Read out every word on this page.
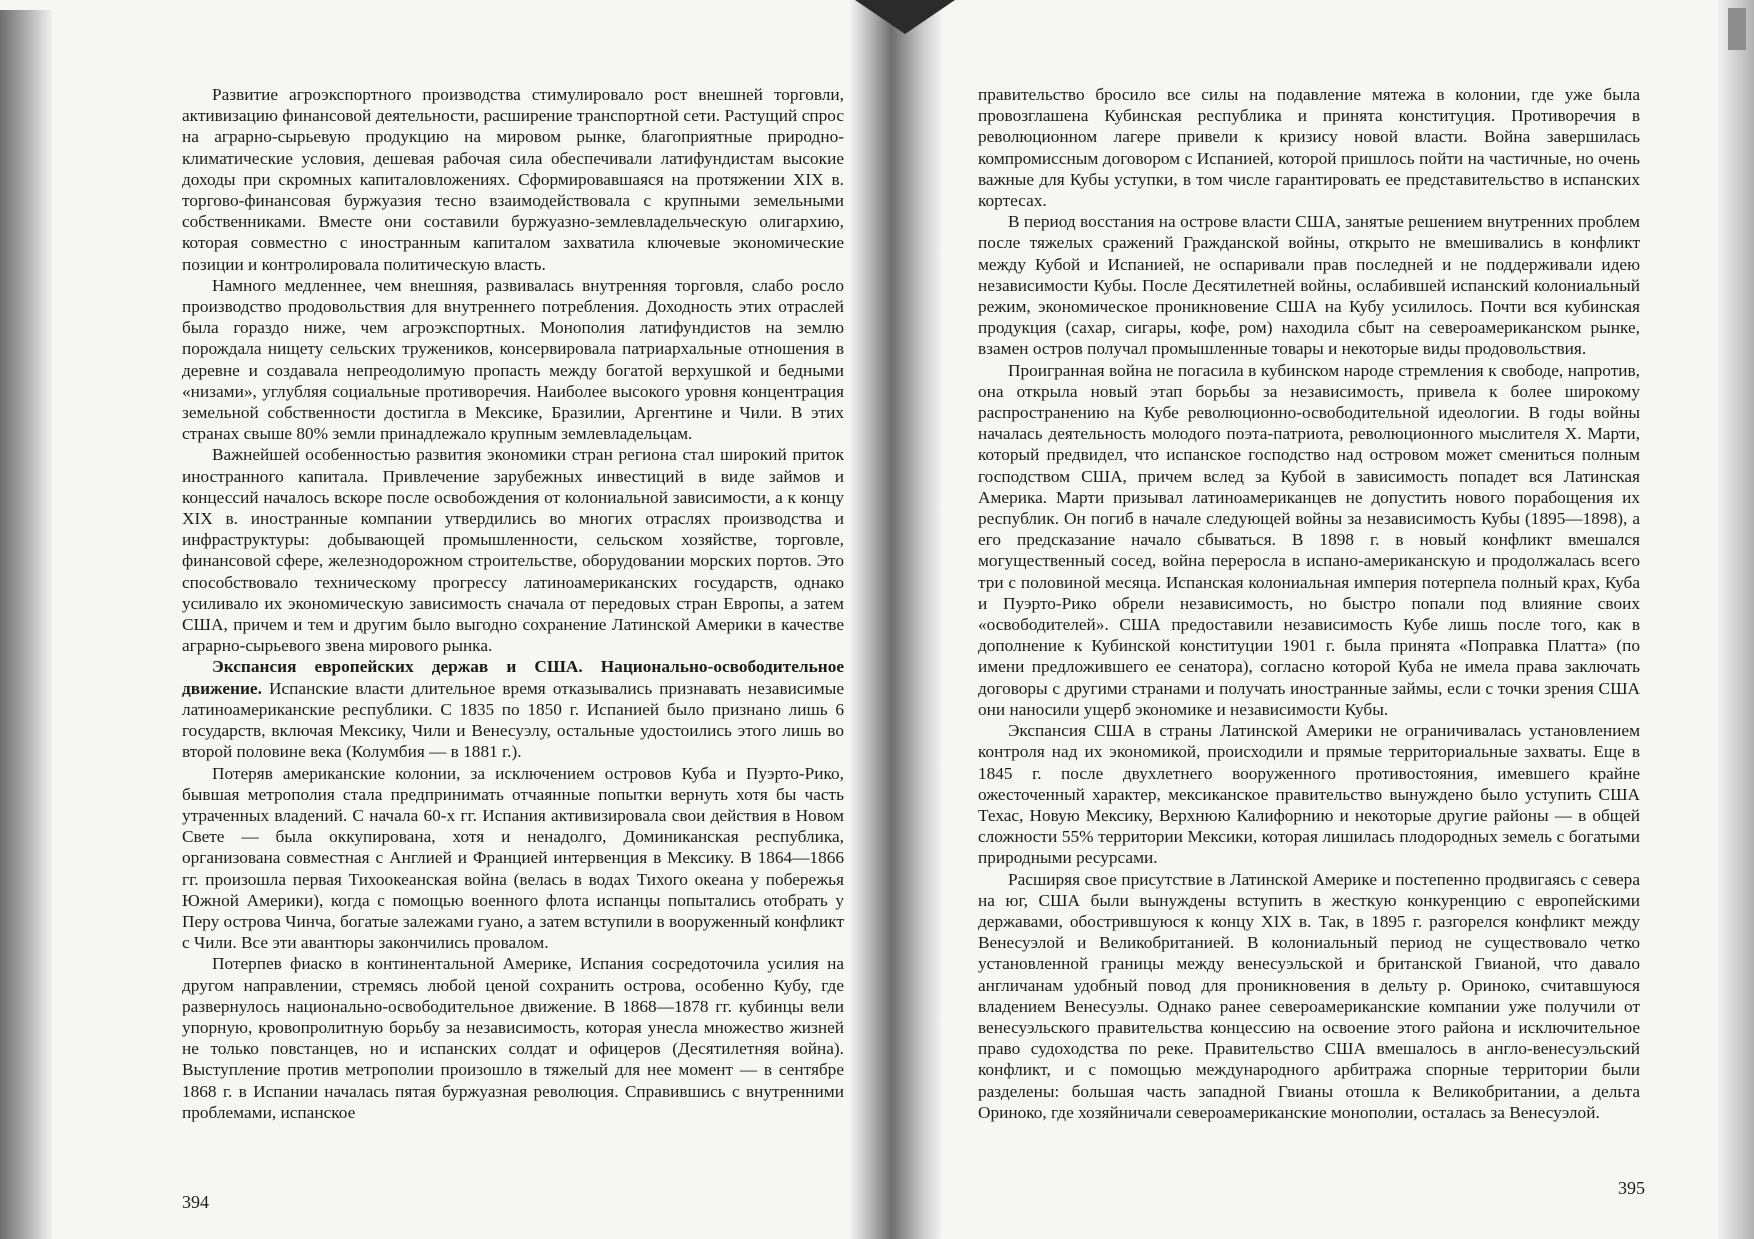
Развитие агроэкспортного производства стимулировало рост внешней торговли, активизацию финансовой деятельности, расширение транспортной сети. Растущий спрос на аграрно-сырьевую продукцию на мировом рынке, благоприятные природно-климатические условия, дешевая рабочая сила обеспечивали латифундистам высокие доходы при скромных капиталовложениях. Сформировавшаяся на протяжении XIX в. торгово-финансовая буржуазия тесно взаимодействовала с крупными земельными собственниками. Вместе они составили буржуазно-землевладельческую олигархию, которая совместно с иностранным капиталом захватила ключевые экономические позиции и контролировала политическую власть.

Намного медленнее, чем внешняя, развивалась внутренняя торговля, слабо росло производство продовольствия для внутреннего потребления. Доходность этих отраслей была гораздо ниже, чем агроэкспортных. Монополия латифундистов на землю порождала нищету сельских тружеников, консервировала патриархальные отношения в деревне и создавала непреодолимую пропасть между богатой верхушкой и бедными «низами», углубляя социальные противоречия. Наиболее высокого уровня концентрация земельной собственности достигла в Мексике, Бразилии, Аргентине и Чили. В этих странах свыше 80% земли принадлежало крупным землевладельцам.

Важнейшей особенностью развития экономики стран региона стал широкий приток иностранного капитала. Привлечение зарубежных инвестиций в виде займов и концессий началось вскоре после освобождения от колониальной зависимости, а к концу XIX в. иностранные компании утвердились во многих отраслях производства и инфраструктуры: добывающей промышленности, сельском хозяйстве, торговле, финансовой сфере, железнодорожном строительстве, оборудовании морских портов. Это способствовало техническому прогрессу латиноамериканских государств, однако усиливало их экономическую зависимость сначала от передовых стран Европы, а затем США, причем и тем и другим было выгодно сохранение Латинской Америки в качестве аграрно-сырьевого звена мирового рынка.

Экспансия европейских держав и США. Национально-освободительное движение. Испанские власти длительное время отказывались признавать независимые латиноамериканские республики. С 1835 по 1850 г. Испанией было признано лишь 6 государств, включая Мексику, Чили и Венесуэлу, остальные удостоились этого лишь во второй половине века (Колумбия — в 1881 г.).

Потеряв американские колонии, за исключением островов Куба и Пуэрто-Рико, бывшая метрополия стала предпринимать отчаянные попытки вернуть хотя бы часть утраченных владений. С начала 60-х гг. Испания активизировала свои действия в Новом Свете — была оккупирована, хотя и ненадолго, Доминиканская республика, организована совместная с Англией и Францией интервенция в Мексику. В 1864—1866 гг. произошла первая Тихоокеанская война (велась в водах Тихого океана у побережья Южной Америки), когда с помощью военного флота испанцы попытались отобрать у Перу острова Чинча, богатые залежами гуано, а затем вступили в вооруженный конфликт с Чили. Все эти авантюры закончились провалом.

Потерпев фиаско в континентальной Америке, Испания сосредоточила усилия на другом направлении, стремясь любой ценой сохранить острова, особенно Кубу, где развернулось национально-освободительное движение. В 1868—1878 гг. кубинцы вели упорную, кровопролитную борьбу за независимость, которая унесла множество жизней не только повстанцев, но и испанских солдат и офицеров (Десятилетняя война). Выступление против метрополии произошло в тяжелый для нее момент — в сентябре 1868 г. в Испании началась пятая буржуазная революция. Справившись с внутренними проблемами, испанское

394

правительство бросило все силы на подавление мятежа в колонии, где уже была провозглашена Кубинская республика и принята конституция. Противоречия в революционном лагере привели к кризису новой власти. Война завершилась компромиссным договором с Испанией, которой пришлось пойти на частичные, но очень важные для Кубы уступки, в том числе гарантировать ее представительство в испанских кортесах.

В период восстания на острове власти США, занятые решением внутренних проблем после тяжелых сражений Гражданской войны, открыто не вмешивались в конфликт между Кубой и Испанией, не оспаривали прав последней и не поддерживали идею независимости Кубы. После Десятилетней войны, ослабившей испанский колониальный режим, экономическое проникновение США на Кубу усилилось. Почти вся кубинская продукция (сахар, сигары, кофе, ром) находила сбыт на североамериканском рынке, взамен остров получал промышленные товары и некоторые виды продовольствия.

Проигранная война не погасила в кубинском народе стремления к свободе, напротив, она открыла новый этап борьбы за независимость, привела к более широкому распространению на Кубе революционно-освободительной идеологии. В годы войны началась деятельность молодого поэта-патриота, революционного мыслителя Х. Марти, который предвидел, что испанское господство над островом может смениться полным господством США, причем вслед за Кубой в зависимость попадет вся Латинская Америка. Марти призывал латиноамериканцев не допустить нового порабощения их республик. Он погиб в начале следующей войны за независимость Кубы (1895—1898), а его предсказание начало сбываться. В 1898 г. в новый конфликт вмешался могущественный сосед, война переросла в испано-американскую и продолжалась всего три с половиной месяца. Испанская колониальная империя потерпела полный крах, Куба и Пуэрто-Рико обрели независимость, но быстро попали под влияние своих «освободителей». США предоставили независимость Кубе лишь после того, как в дополнение к Кубинской конституции 1901 г. была принята «Поправка Платта» (по имени предложившего ее сенатора), согласно которой Куба не имела права заключать договоры с другими странами и получать иностранные займы, если с точки зрения США они наносили ущерб экономике и независимости Кубы.

Экспансия США в страны Латинской Америки не ограничивалась установлением контроля над их экономикой, происходили и прямые территориальные захваты. Еще в 1845 г. после двухлетнего вооруженного противостояния, имевшего крайне ожесточенный характер, мексиканское правительство вынуждено было уступить США Техас, Новую Мексику, Верхнюю Калифорнию и некоторые другие районы — в общей сложности 55% территории Мексики, которая лишилась плодородных земель с богатыми природными ресурсами.

Расширяя свое присутствие в Латинской Америке и постепенно продвигаясь с севера на юг, США были вынуждены вступить в жесткую конкуренцию с европейскими державами, обострившуюся к концу XIX в. Так, в 1895 г. разгорелся конфликт между Венесуэлой и Великобританией. В колониальный период не существовало четко установленной границы между венесуэльской и британской Гвианой, что давало англичанам удобный повод для проникновения в дельту р. Ориноко, считавшуюся владением Венесуэлы. Однако ранее североамериканские компании уже получили от венесуэльского правительства концессию на освоение этого района и исключительное право судоходства по реке. Правительство США вмешалось в англо-венесуэльский конфликт, и с помощью международного арбитража спорные территории были разделены: большая часть западной Гвианы отошла к Великобритании, а дельта Ориноко, где хозяйничали североамериканские монополии, осталась за Венесуэлой.

395
